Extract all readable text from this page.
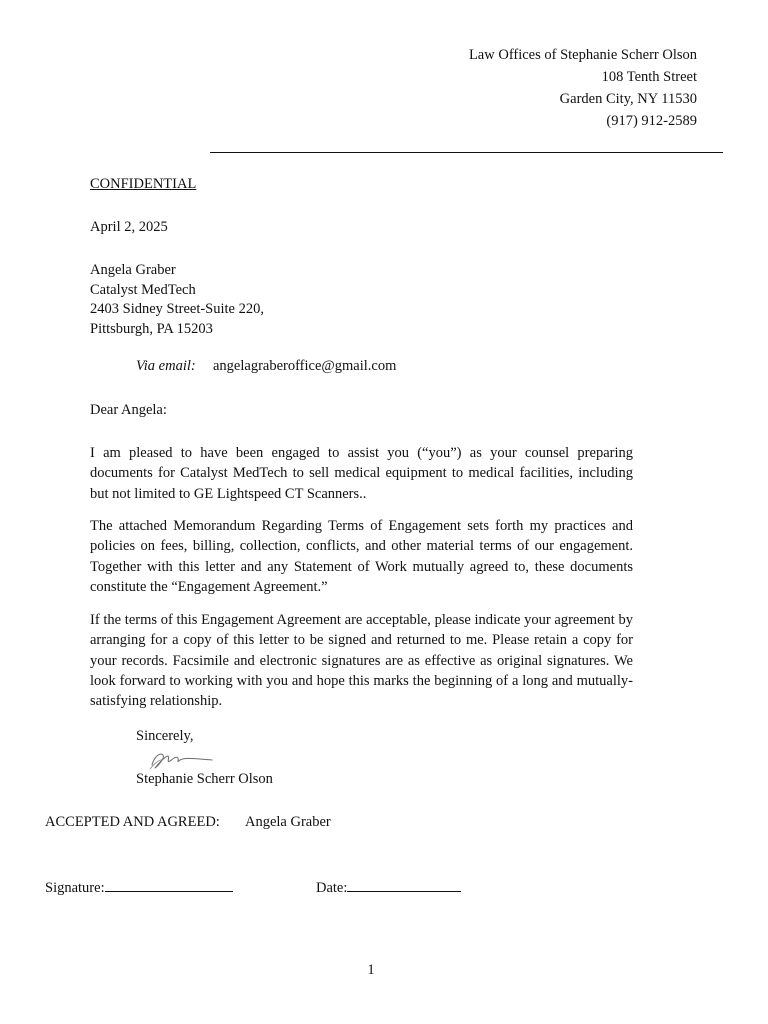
Law Offices of Stephanie Scherr Olson
108 Tenth Street
Garden City, NY 11530
(917) 912-2589
CONFIDENTIAL
April 2, 2025
Angela Graber
Catalyst MedTech
2403 Sidney Street-Suite 220,
Pittsburgh, PA 15203
Via email: angelagraberoffice@gmail.com
Dear Angela:
I am pleased to have been engaged to assist you (“you”) as your counsel preparing documents for Catalyst MedTech to sell medical equipment to medical facilities, including but not limited to GE Lightspeed CT Scanners..
The attached Memorandum Regarding Terms of Engagement sets forth my practices and policies on fees, billing, collection, conflicts, and other material terms of our engagement. Together with this letter and any Statement of Work mutually agreed to, these documents constitute the “Engagement Agreement.”
If the terms of this Engagement Agreement are acceptable, please indicate your agreement by arranging for a copy of this letter to be signed and returned to me. Please retain a copy for your records. Facsimile and electronic signatures are as effective as original signatures. We look forward to working with you and hope this marks the beginning of a long and mutually-satisfying relationship.
Sincerely,
Stephanie Scherr Olson
ACCEPTED AND AGREED: Angela Graber
Signature:	Date:
1
